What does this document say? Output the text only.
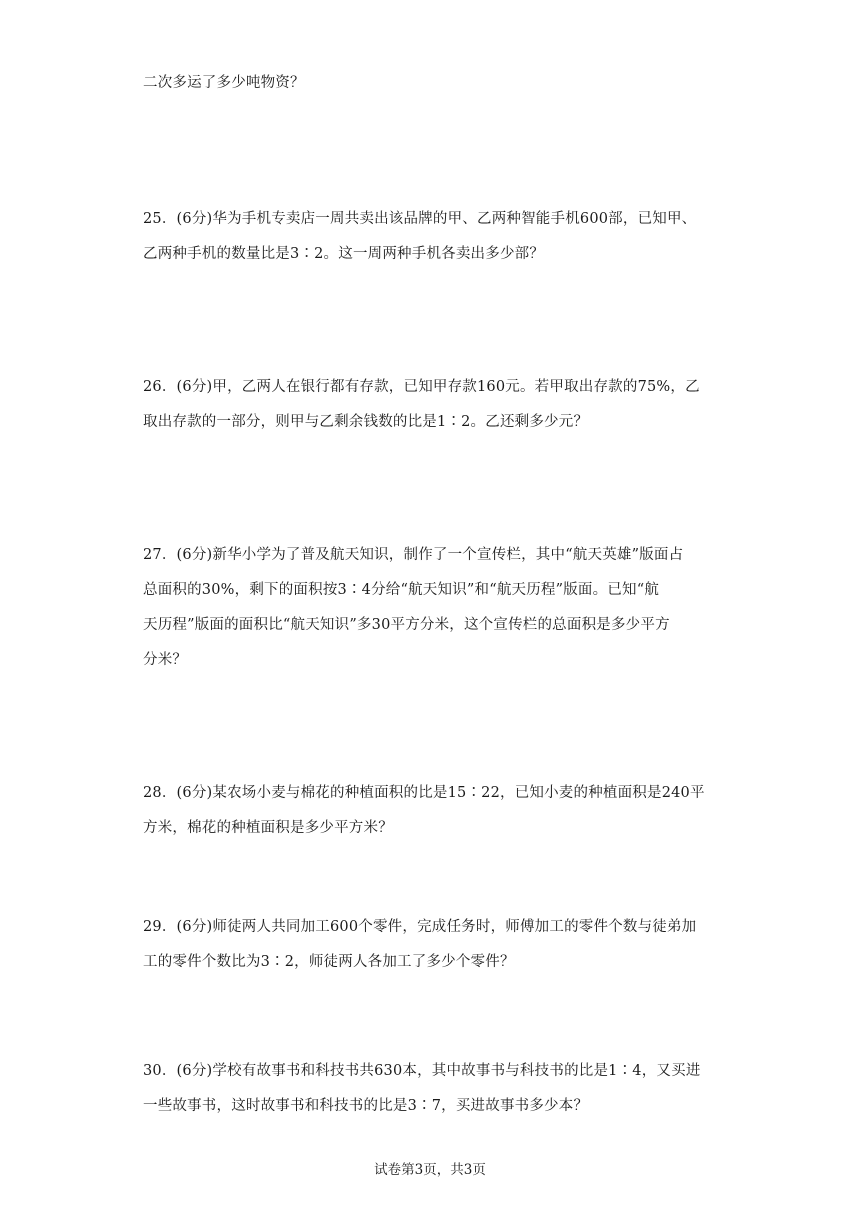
二次多运了多少吨物资？
25．(6分)华为手机专卖店一周共卖出该品牌的甲、乙两种智能手机600部，已知甲、
乙两种手机的数量比是3∶2。这一周两种手机各卖出多少部？
26．(6分)甲，乙两人在银行都有存款，已知甲存款160元。若甲取出存款的75%，乙
取出存款的一部分，则甲与乙剩余钱数的比是1∶2。乙还剩多少元？
27．(6分)新华小学为了普及航天知识，制作了一个宣传栏，其中“航天英雄”版面占
总面积的30%，剩下的面积按3∶4分给“航天知识”和“航天历程”版面。已知“航
天历程”版面的面积比“航天知识”多30平方分米，这个宣传栏的总面积是多少平方
分米？
28．(6分)某农场小麦与棉花的种植面积的比是15∶22，已知小麦的种植面积是240平
方米，棉花的种植面积是多少平方米？
29．(6分)师徒两人共同加工600个零件，完成任务时，师傅加工的零件个数与徒弟加
工的零件个数比为3∶2，师徒两人各加工了多少个零件？
30．(6分)学校有故事书和科技书共630本，其中故事书与科技书的比是1∶4，又买进
一些故事书，这时故事书和科技书的比是3∶7，买进故事书多少本？
试卷第3页，共3页
